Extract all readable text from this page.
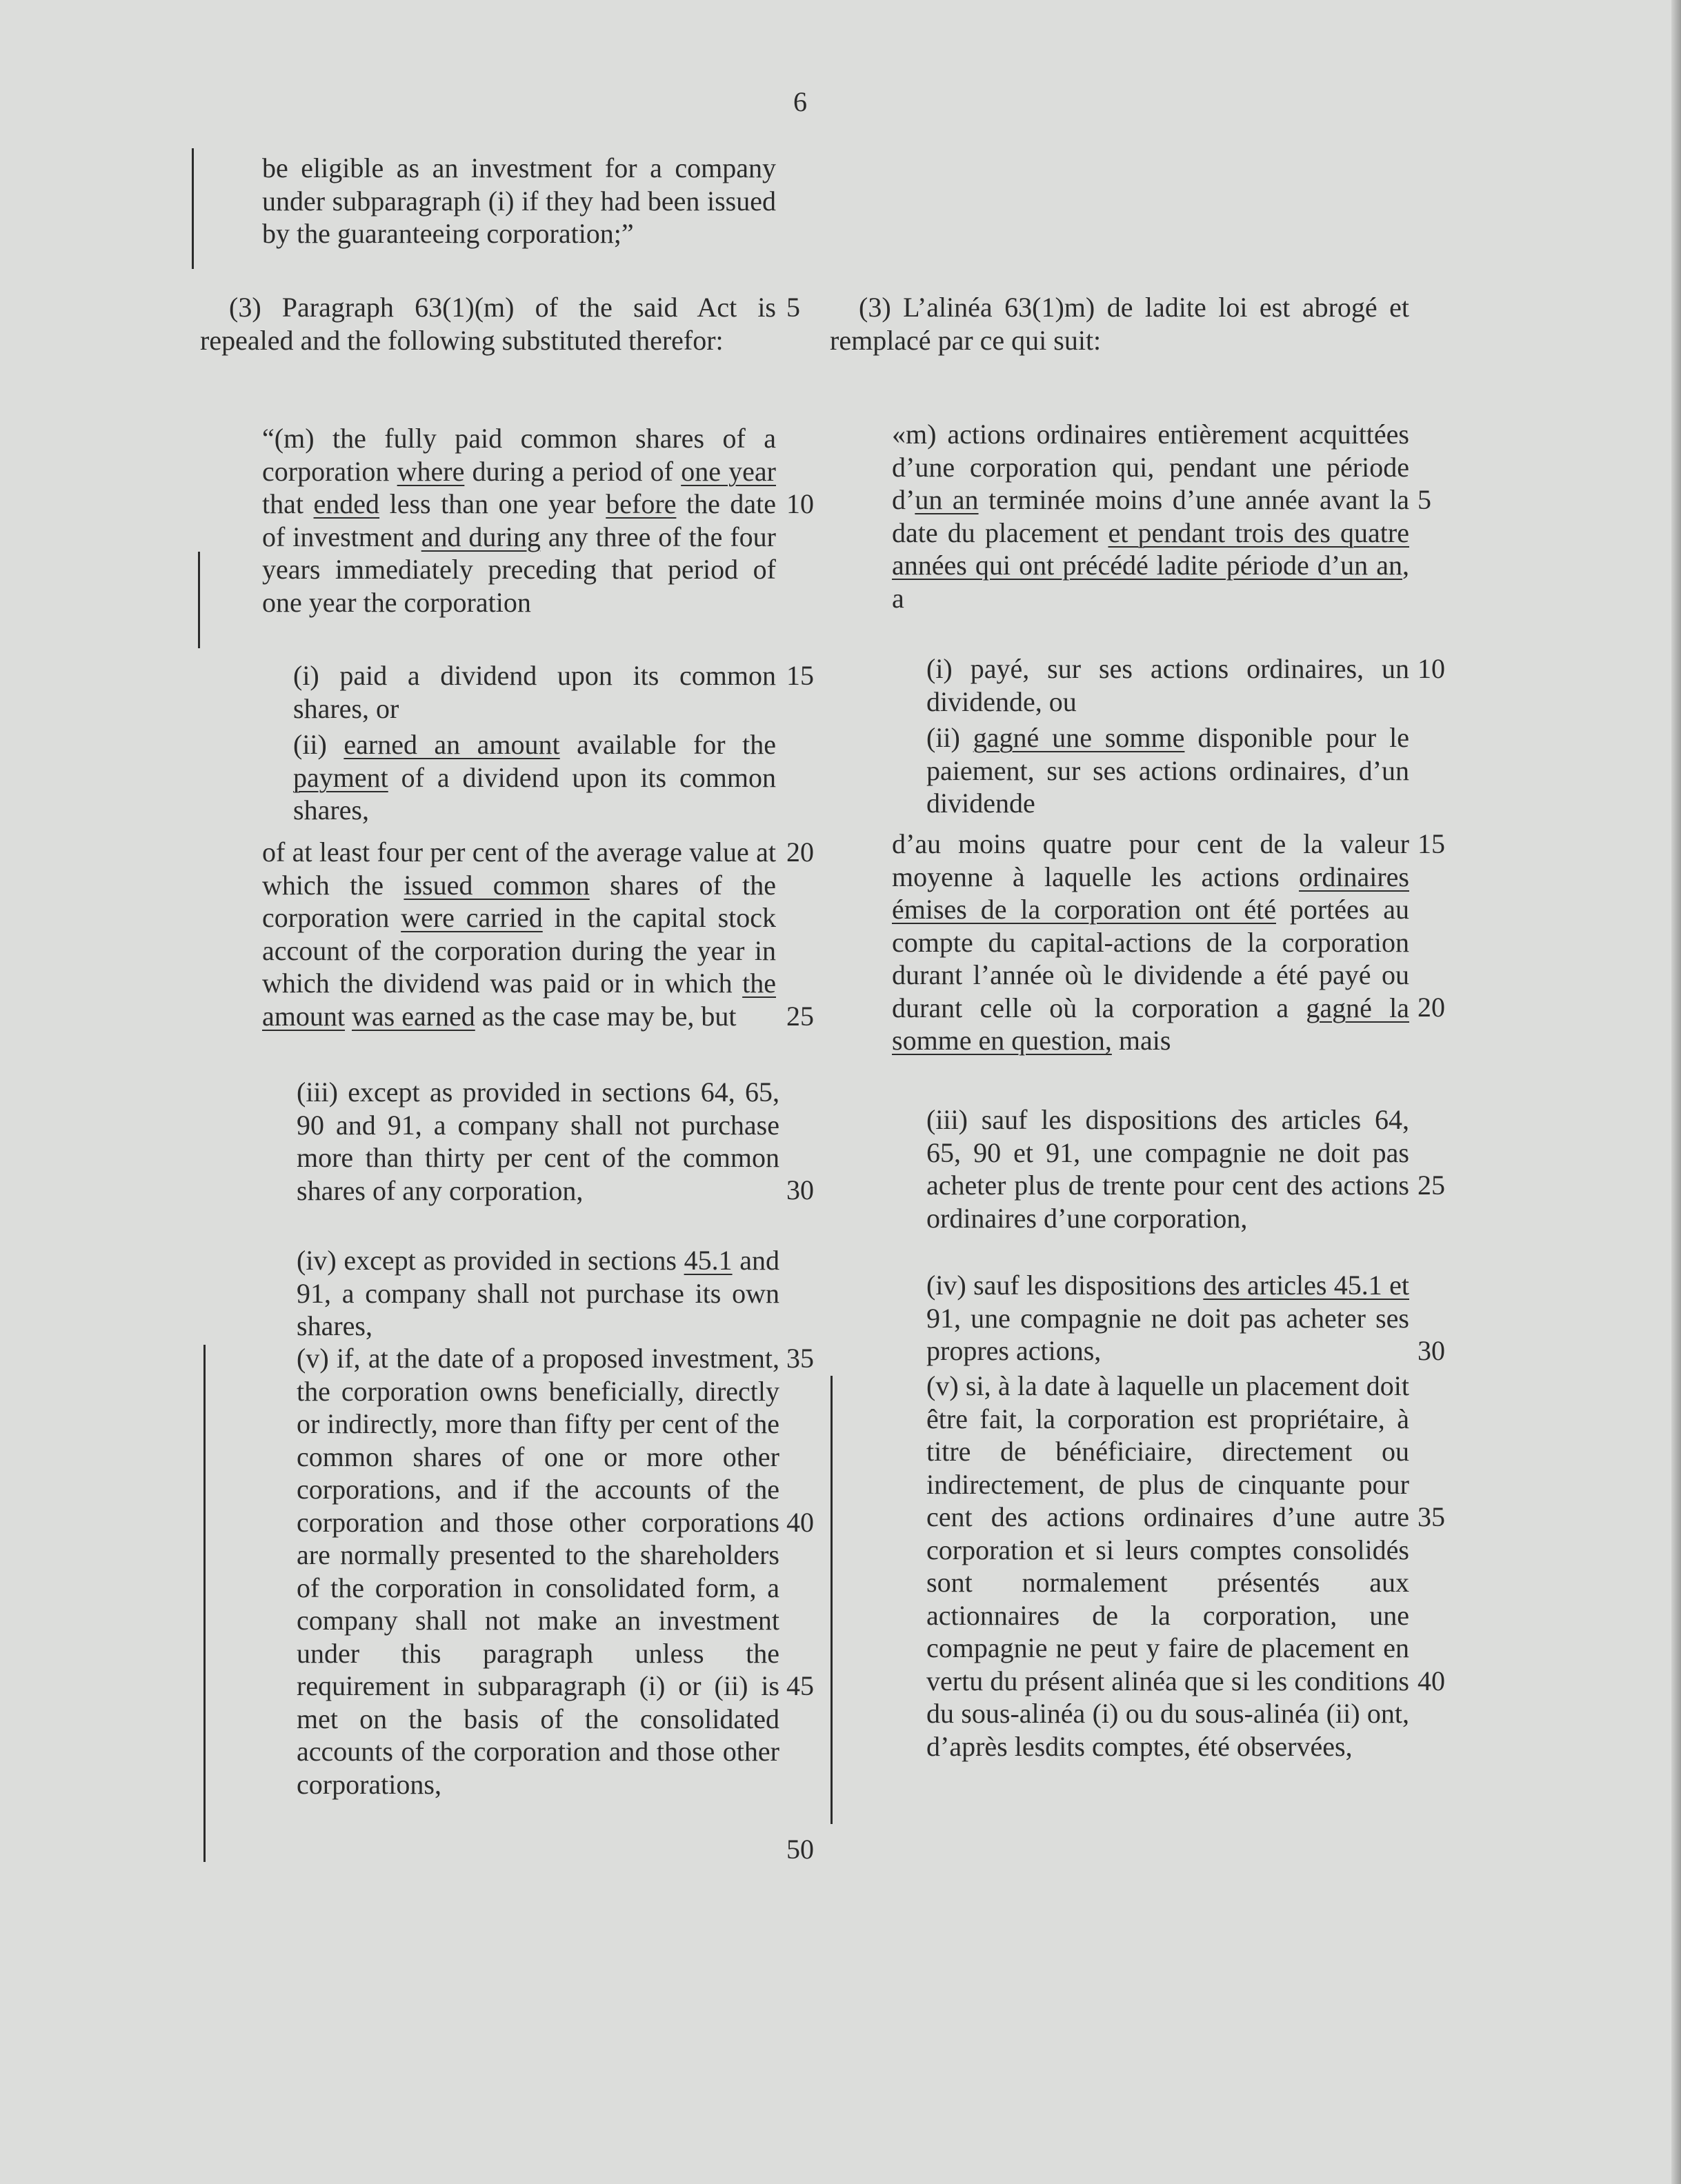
6

be eligible as an investment for a company under subparagraph (i) if they had been issued by the guaranteeing corporation;”

(3) Paragraph 63(1)(m) of the said Act is repealed and the following substituted therefor:

“(m) the fully paid common shares of a corporation where during a period of one year that ended less than one year before the date of investment and during any three of the four years immediately preceding that period of one year the corporation

(i) paid a dividend upon its common shares, or

(ii) earned an amount available for the payment of a dividend upon its common shares,

of at least four per cent of the average value at which the issued common shares of the corporation were carried in the capital stock account of the corporation during the year in which the dividend was paid or in which the amount was earned as the case may be, but

(iii) except as provided in sections 64, 65, 90 and 91, a company shall not purchase more than thirty per cent of the common shares of any corporation,

(iv) except as provided in sections 45.1 and 91, a company shall not purchase its own shares,

(v) if, at the date of a proposed investment, the corporation owns beneficially, directly or indirectly, more than fifty per cent of the common shares of one or more other corporations, and if the accounts of the corporation and those other corporations are normally presented to the shareholders of the corporation in consolidated form, a company shall not make an investment under this paragraph unless the requirement in subparagraph (i) or (ii) is met on the basis of the consolidated accounts of the corporation and those other corporations,

(3) L’alinéa 63(1)m) de ladite loi est abrogé et remplacé par ce qui suit:

«m) actions ordinaires entièrement acquittées d’une corporation qui, pendant une période d’un an terminée moins d’une année avant la date du placement et pendant trois des quatre années qui ont précédé ladite période d’un an, a

(i) payé, sur ses actions ordinaires, un dividende, ou

(ii) gagné une somme disponible pour le paiement, sur ses actions ordinaires, d’un dividende

d’au moins quatre pour cent de la valeur moyenne à laquelle les actions ordinaires émises de la corporation ont été portées au compte du capital-actions de la corporation durant l’année où le dividende a été payé ou durant celle où la corporation a gagné la somme en question, mais

(iii) sauf les dispositions des articles 64, 65, 90 et 91, une compagnie ne doit pas acheter plus de trente pour cent des actions ordinaires d’une corporation,

(iv) sauf les dispositions des articles 45.1 et 91, une compagnie ne doit pas acheter ses propres actions,

(v) si, à la date à laquelle un placement doit être fait, la corporation est propriétaire, à titre de bénéficiaire, directement ou indirectement, de plus de cinquante pour cent des actions ordinaires d’une autre corporation et si leurs comptes consolidés sont normalement présentés aux actionnaires de la corporation, une compagnie ne peut y faire de placement en vertu du présent alinéa que si les conditions du sous-alinéa (i) ou du sous-alinéa (ii) ont, d’après lesdits comptes, été observées,

5
10
15
20
25
30
35
40
45
50
5
10
15
20
25
30
35
40
